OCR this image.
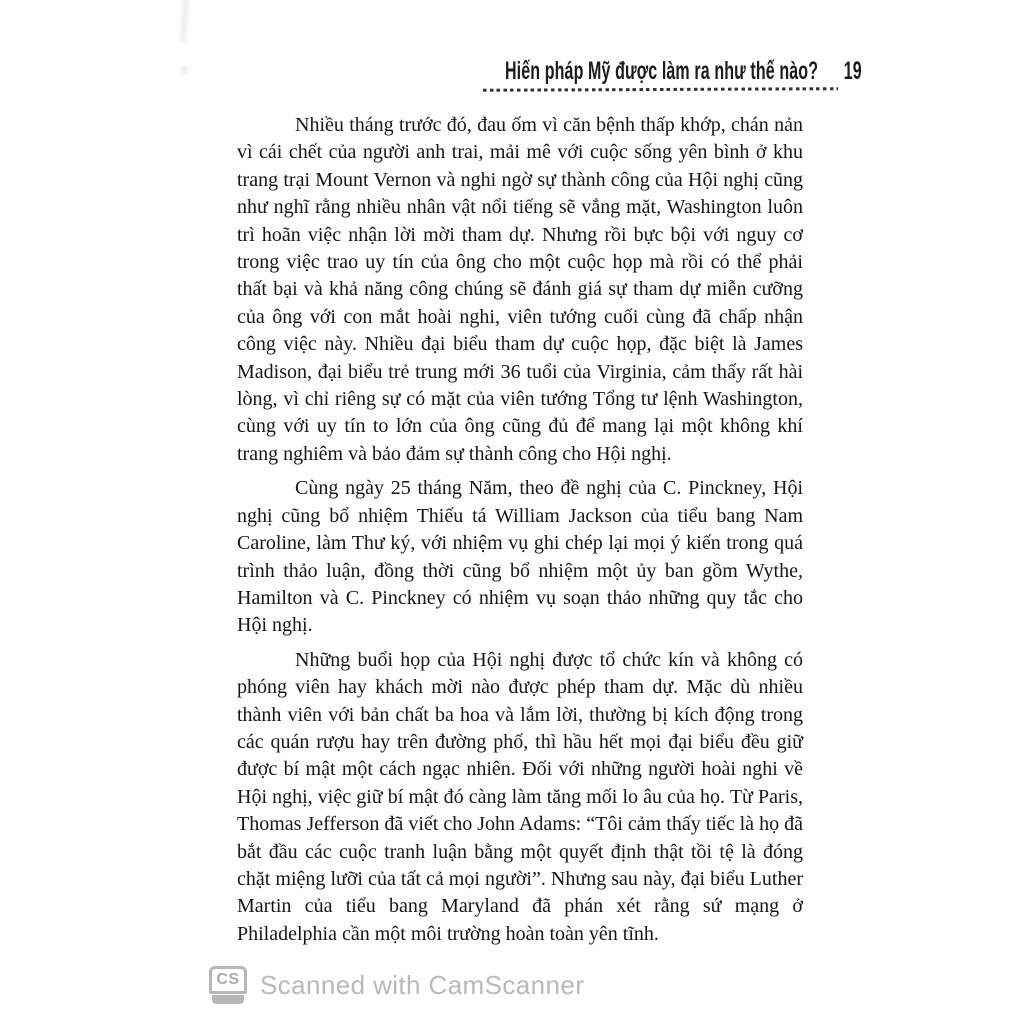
Hiến pháp Mỹ được làm ra như thế nào? 19

Nhiều tháng trước đó, đau ốm vì căn bệnh thấp khớp, chán nản vì cái chết của người anh trai, mải mê với cuộc sống yên bình ở khu trang trại Mount Vernon và nghi ngờ sự thành công của Hội nghị cũng như nghĩ rằng nhiều nhân vật nổi tiếng sẽ vắng mặt, Washington luôn trì hoãn việc nhận lời mời tham dự. Nhưng rồi bực bội với nguy cơ trong việc trao uy tín của ông cho một cuộc họp mà rồi có thể phải thất bại và khả năng công chúng sẽ đánh giá sự tham dự miễn cưỡng của ông với con mắt hoài nghi, viên tướng cuối cùng đã chấp nhận công việc này. Nhiều đại biểu tham dự cuộc họp, đặc biệt là James Madison, đại biểu trẻ trung mới 36 tuổi của Virginia, cảm thấy rất hài lòng, vì chỉ riêng sự có mặt của viên tướng Tổng tư lệnh Washington, cùng với uy tín to lớn của ông cũng đủ để mang lại một không khí trang nghiêm và bảo đảm sự thành công cho Hội nghị.

Cùng ngày 25 tháng Năm, theo đề nghị của C. Pinckney, Hội nghị cũng bổ nhiệm Thiếu tá William Jackson của tiểu bang Nam Caroline, làm Thư ký, với nhiệm vụ ghi chép lại mọi ý kiến trong quá trình thảo luận, đồng thời cũng bổ nhiệm một ủy ban gồm Wythe, Hamilton và C. Pinckney có nhiệm vụ soạn thảo những quy tắc cho Hội nghị.

Những buổi họp của Hội nghị được tổ chức kín và không có phóng viên hay khách mời nào được phép tham dự. Mặc dù nhiều thành viên với bản chất ba hoa và lắm lời, thường bị kích động trong các quán rượu hay trên đường phố, thì hầu hết mọi đại biểu đều giữ được bí mật một cách ngạc nhiên. Đối với những người hoài nghi về Hội nghị, việc giữ bí mật đó càng làm tăng mối lo âu của họ. Từ Paris, Thomas Jefferson đã viết cho John Adams: “Tôi cảm thấy tiếc là họ đã bắt đầu các cuộc tranh luận bằng một quyết định thật tồi tệ là đóng chặt miệng lưỡi của tất cả mọi người”. Nhưng sau này, đại biểu Luther Martin của tiểu bang Maryland đã phán xét rằng sứ mạng ở Philadelphia cần một môi trường hoàn toàn yên tĩnh.

CS Scanned with CamScanner
